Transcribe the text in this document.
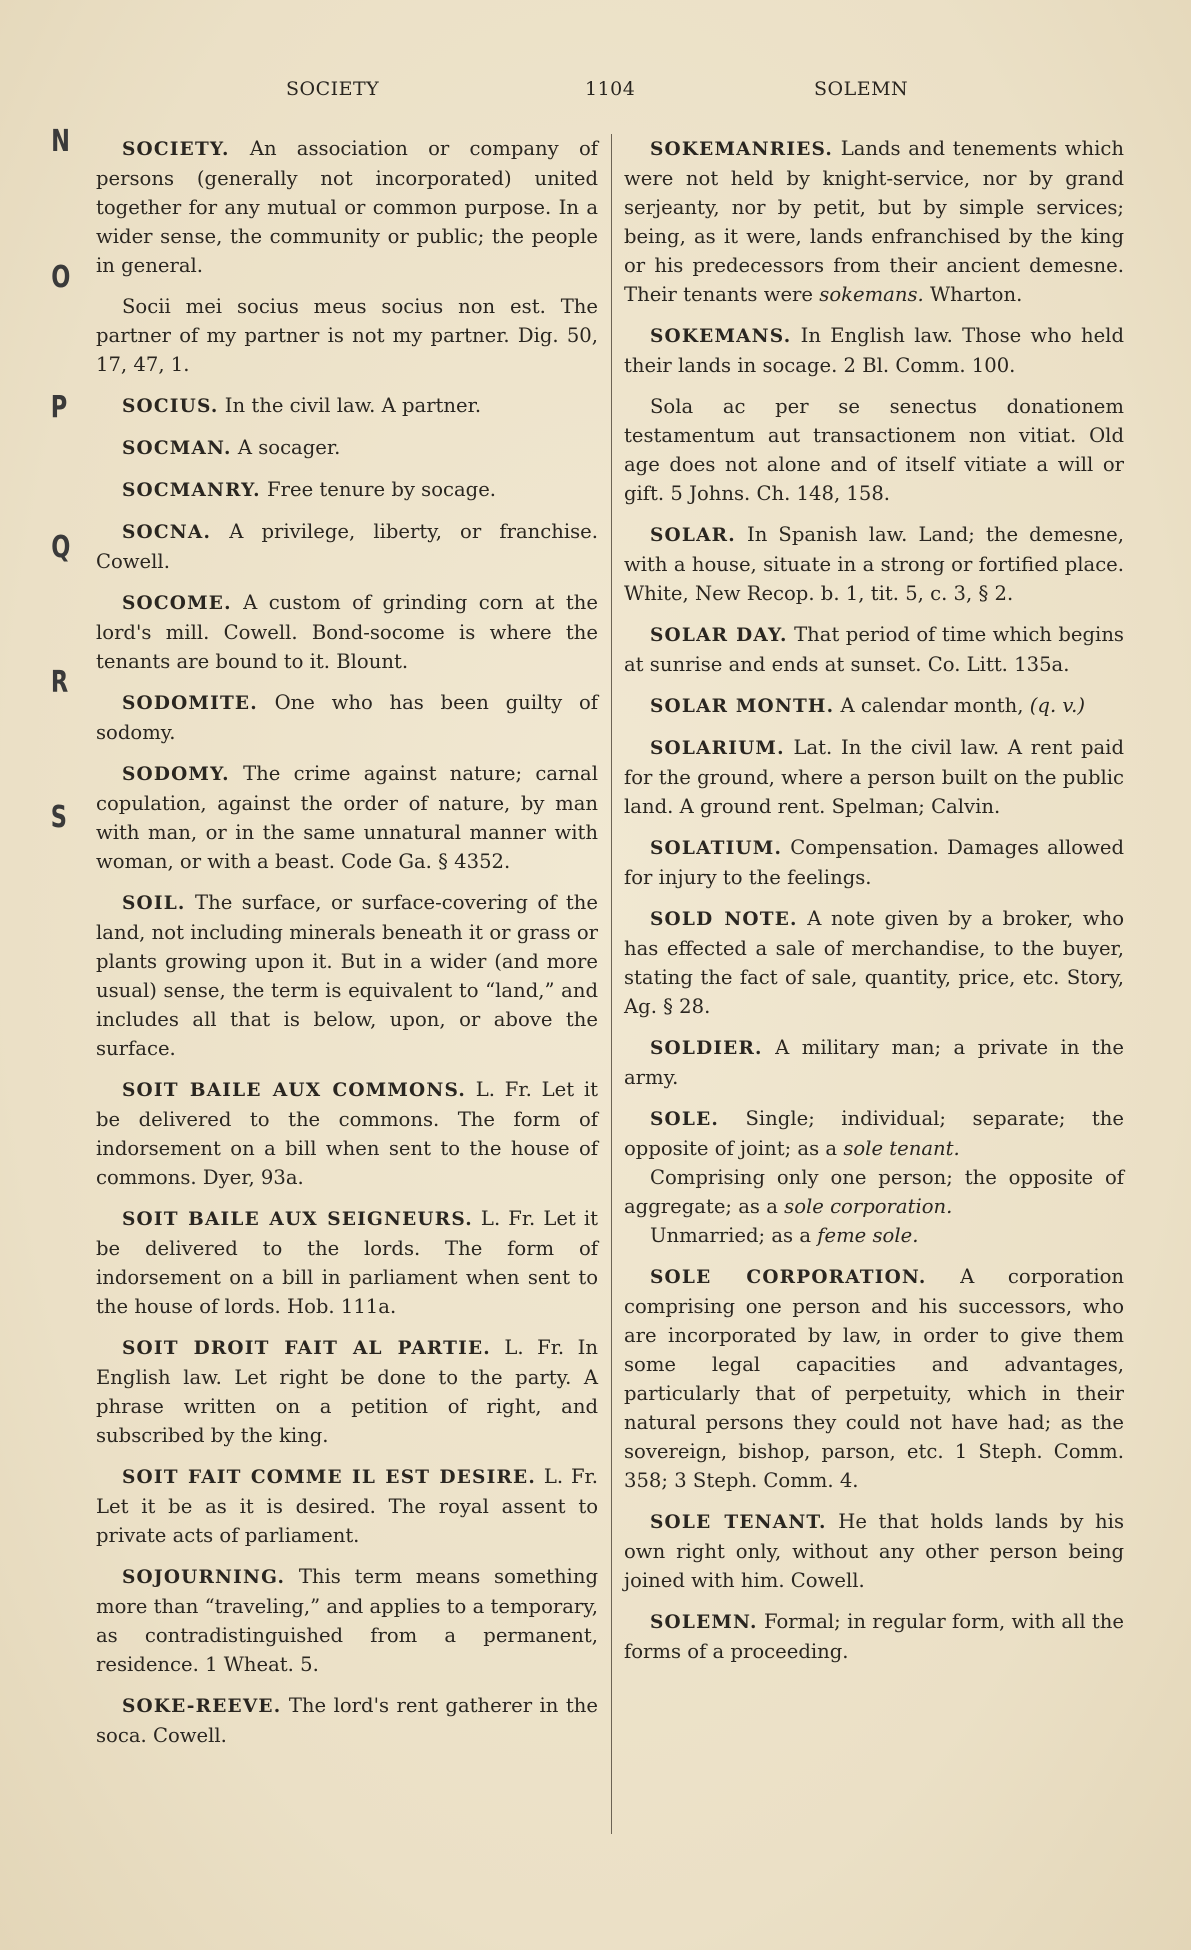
SOCIETY	1104	SOLEMN
N
O
P
Q
R
S

SOCIETY. An association or company of persons (generally not incorporated) united together for any mutual or common purpose. In a wider sense, the community or public; the people in general.

Socii mei socius meus socius non est. The partner of my partner is not my partner. Dig. 50, 17, 47, 1.

SOCIUS. In the civil law. A partner.

SOCMAN. A socager.

SOCMANRY. Free tenure by socage.

SOCNA. A privilege, liberty, or franchise. Cowell.

SOCOME. A custom of grinding corn at the lord's mill. Cowell. Bond-socome is where the tenants are bound to it. Blount.

SODOMITE. One who has been guilty of sodomy.

SODOMY. The crime against nature; carnal copulation, against the order of nature, by man with man, or in the same unnatural manner with woman, or with a beast. Code Ga. § 4352.

SOIL. The surface, or surface-covering of the land, not including minerals beneath it or grass or plants growing upon it. But in a wider (and more usual) sense, the term is equivalent to “land,” and includes all that is below, upon, or above the surface.

SOIT BAILE AUX COMMONS. L. Fr. Let it be delivered to the commons. The form of indorsement on a bill when sent to the house of commons. Dyer, 93a.

SOIT BAILE AUX SEIGNEURS. L. Fr. Let it be delivered to the lords. The form of indorsement on a bill in parliament when sent to the house of lords. Hob. 111a.

SOIT DROIT FAIT AL PARTIE. L. Fr. In English law. Let right be done to the party. A phrase written on a petition of right, and subscribed by the king.

SOIT FAIT COMME IL EST DESIRE. L. Fr. Let it be as it is desired. The royal assent to private acts of parliament.

SOJOURNING. This term means something more than “traveling,” and applies to a temporary, as contradistinguished from a permanent, residence. 1 Wheat. 5.

SOKE-REEVE. The lord's rent gatherer in the soca. Cowell.

SOKEMANRIES. Lands and tenements which were not held by knight-service, nor by grand serjeanty, nor by petit, but by simple services; being, as it were, lands enfranchised by the king or his predecessors from their ancient demesne. Their tenants were sokemans. Wharton.

SOKEMANS. In English law. Those who held their lands in socage. 2 Bl. Comm. 100.

Sola ac per se senectus donationem testamentum aut transactionem non vitiat. Old age does not alone and of itself vitiate a will or gift. 5 Johns. Ch. 148, 158.

SOLAR. In Spanish law. Land; the demesne, with a house, situate in a strong or fortified place. White, New Recop. b. 1, tit. 5, c. 3, § 2.

SOLAR DAY. That period of time which begins at sunrise and ends at sunset. Co. Litt. 135a.

SOLAR MONTH. A calendar month, (q. v.)

SOLARIUM. Lat. In the civil law. A rent paid for the ground, where a person built on the public land. A ground rent. Spelman; Calvin.

SOLATIUM. Compensation. Damages allowed for injury to the feelings.

SOLD NOTE. A note given by a broker, who has effected a sale of merchandise, to the buyer, stating the fact of sale, quantity, price, etc. Story, Ag. § 28.

SOLDIER. A military man; a private in the army.

SOLE. Single; individual; separate; the opposite of joint; as a sole tenant.

Comprising only one person; the opposite of aggregate; as a sole corporation.

Unmarried; as a feme sole.

SOLE CORPORATION. A corporation comprising one person and his successors, who are incorporated by law, in order to give them some legal capacities and advantages, particularly that of perpetuity, which in their natural persons they could not have had; as the sovereign, bishop, parson, etc. 1 Steph. Comm. 358; 3 Steph. Comm. 4.

SOLE TENANT. He that holds lands by his own right only, without any other person being joined with him. Cowell.

SOLEMN. Formal; in regular form, with all the forms of a proceeding.
